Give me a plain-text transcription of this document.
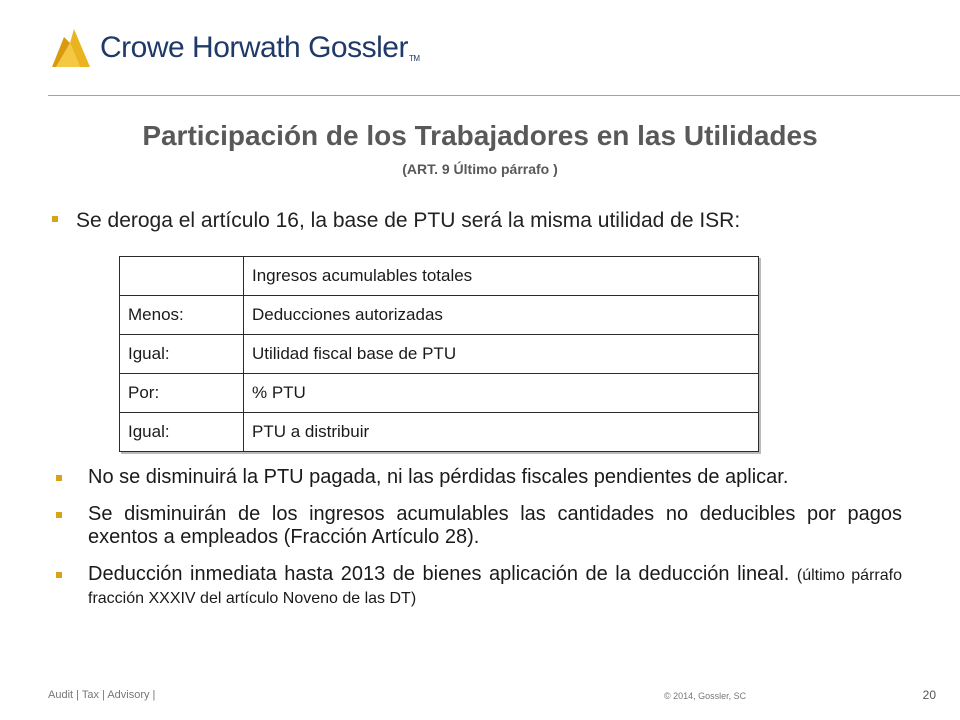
Crowe Horwath GosslerTM
Participación de los Trabajadores en las Utilidades
(ART. 9 Último párrafo )
Se deroga el artículo 16, la base de PTU será la misma utilidad de ISR:
	Ingresos acumulables totales
Menos:	Deducciones autorizadas
Igual:	Utilidad fiscal base de PTU
Por:	% PTU
Igual:	PTU a distribuir
No se disminuirá la PTU pagada, ni las pérdidas fiscales pendientes de aplicar.
Se disminuirán de los ingresos acumulables las cantidades no deducibles por pagos exentos a empleados (Fracción Artículo 28).
Deducción inmediata hasta 2013 de bienes aplicación de la deducción lineal. (último párrafo fracción XXXIV del artículo Noveno de las DT)
Audit | Tax | Advisory |	© 2014, Gossler, SC	20
